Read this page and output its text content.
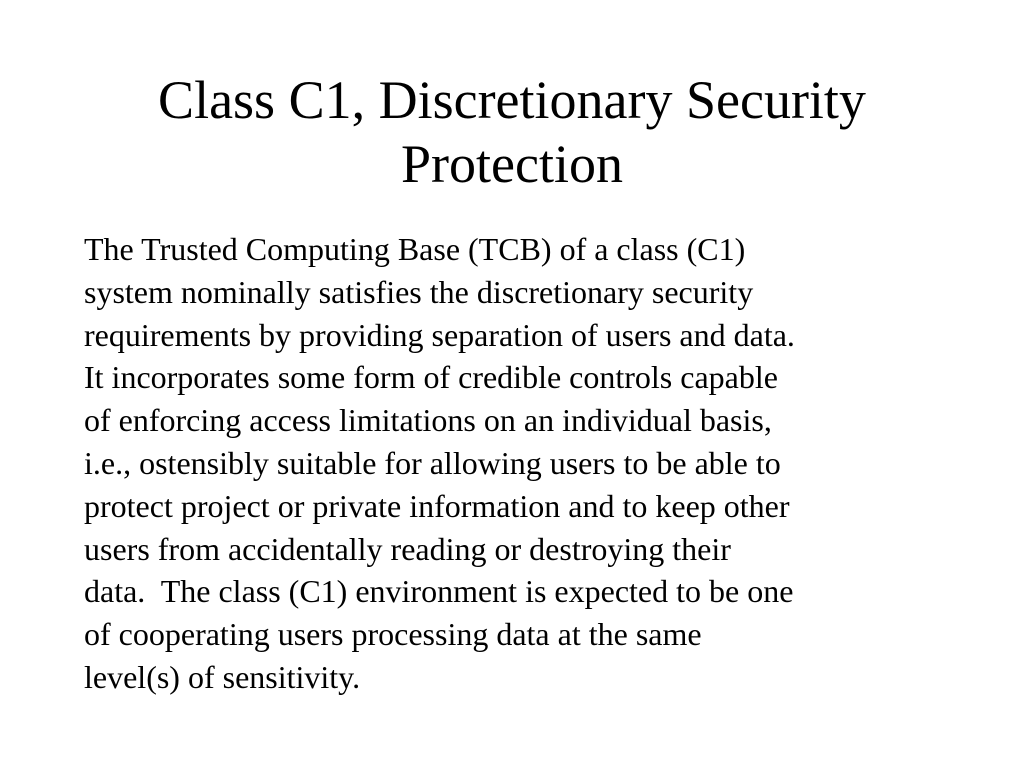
Class C1, Discretionary Security
Protection
The Trusted Computing Base (TCB) of a class (C1)
system nominally satisfies the discretionary security
requirements by providing separation of users and data.
It incorporates some form of credible controls capable
of enforcing access limitations on an individual basis,
i.e., ostensibly suitable for allowing users to be able to
protect project or private information and to keep other
users from accidentally reading or destroying their
data.  The class (C1) environment is expected to be one
of cooperating users processing data at the same
level(s) of sensitivity.
